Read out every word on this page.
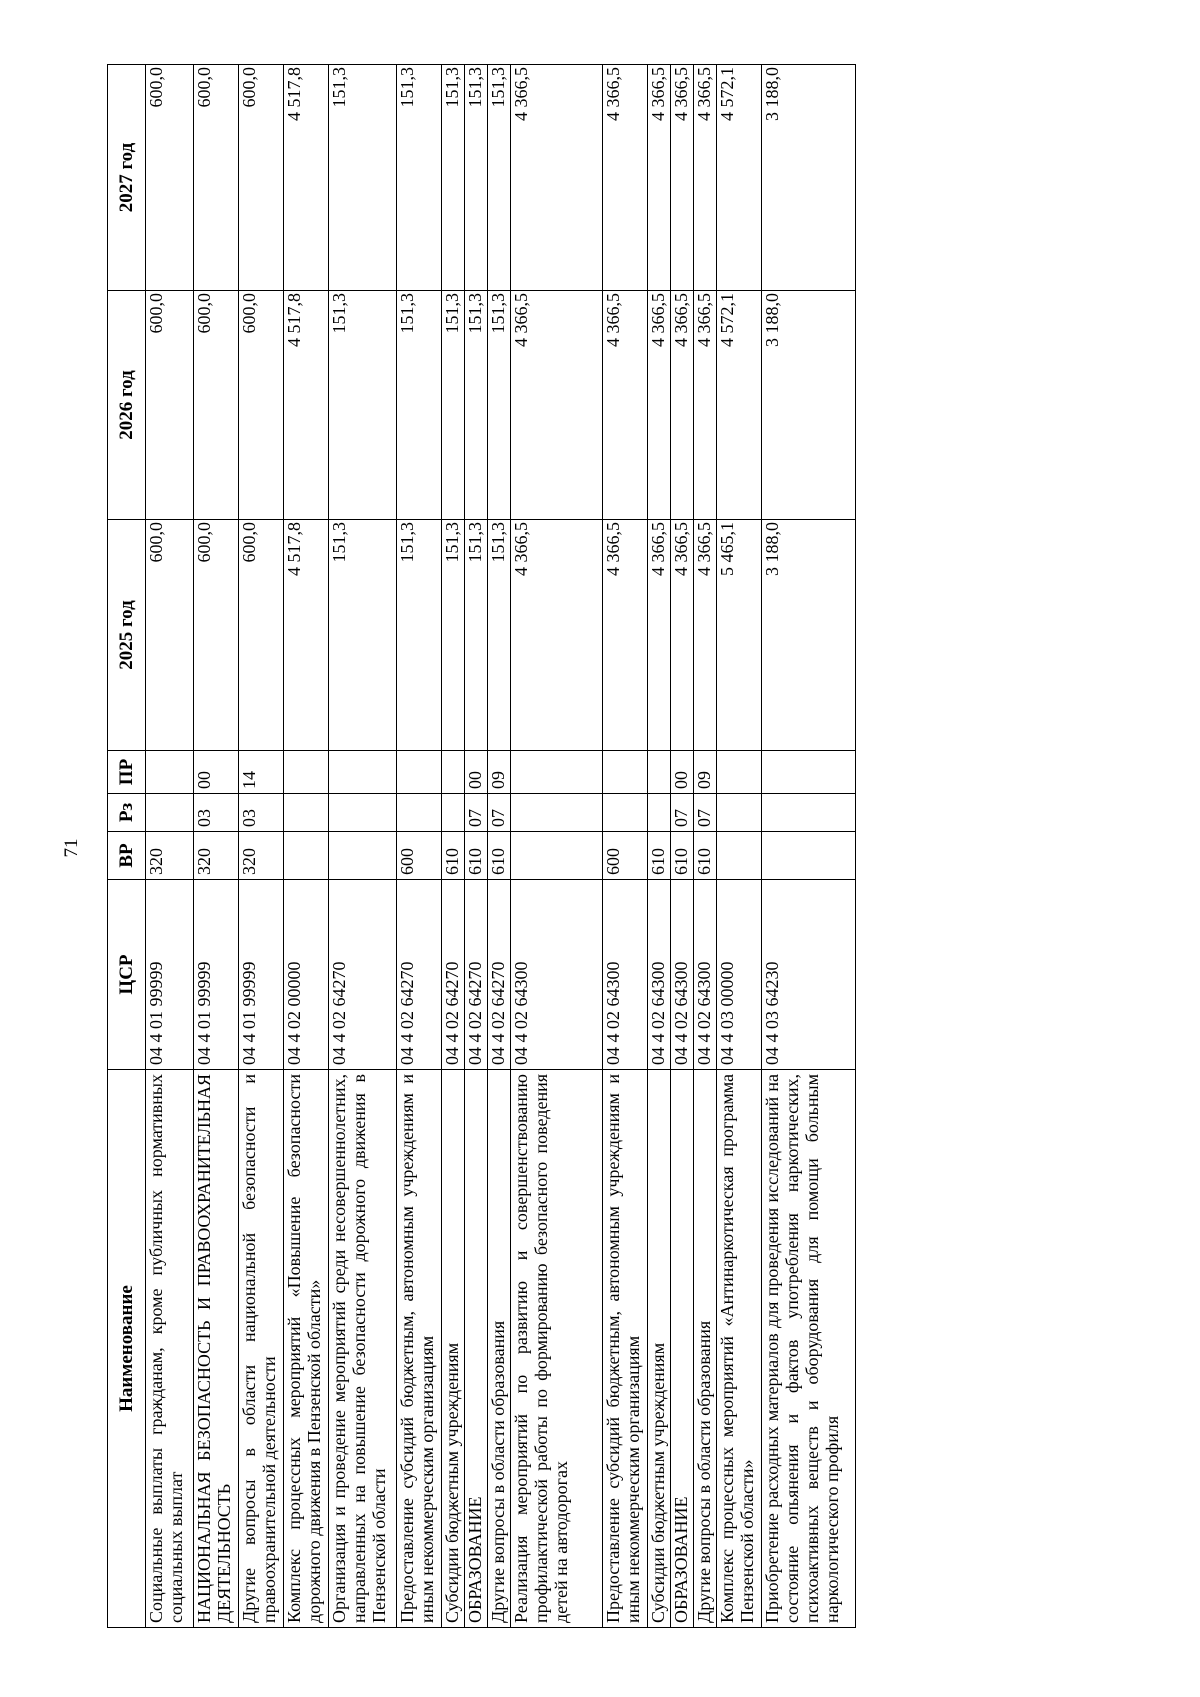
71
Наименование	ЦСР	ВР	Рз	ПР	2025 год	2026 год	2027 год
Социальные выплаты гражданам, кроме публичных нормативных социальных выплат	04 4 01 99999	320			600,0	600,0	600,0
НАЦИОНАЛЬНАЯ БЕЗОПАСНОСТЬ И ПРАВООХРАНИТЕЛЬНАЯ ДЕЯТЕЛЬНОСТЬ	04 4 01 99999	320	03	00	600,0	600,0	600,0
Другие вопросы в области национальной безопасности и правоохранительной деятельности	04 4 01 99999	320	03	14	600,0	600,0	600,0
Комплекс процессных мероприятий «Повышение безопасности дорожного движения в Пензенской области»	04 4 02 00000				4 517,8	4 517,8	4 517,8
Организация и проведение мероприятий среди несовершеннолетних, направленных на повышение безопасности дорожного движения в Пензенской области	04 4 02 64270				151,3	151,3	151,3
Предоставление субсидий бюджетным, автономным учреждениям и иным некоммерческим организациям	04 4 02 64270	600			151,3	151,3	151,3
Субсидии бюджетным учреждениям	04 4 02 64270	610			151,3	151,3	151,3
ОБРАЗОВАНИЕ	04 4 02 64270	610	07	00	151,3	151,3	151,3
Другие вопросы в области образования	04 4 02 64270	610	07	09	151,3	151,3	151,3
Реализация мероприятий по развитию и совершенствованию профилактической работы по формированию безопасного поведения детей на автодорогах	04 4 02 64300				4 366,5	4 366,5	4 366,5
Предоставление субсидий бюджетным, автономным учреждениям и иным некоммерческим организациям	04 4 02 64300	600			4 366,5	4 366,5	4 366,5
Субсидии бюджетным учреждениям	04 4 02 64300	610			4 366,5	4 366,5	4 366,5
ОБРАЗОВАНИЕ	04 4 02 64300	610	07	00	4 366,5	4 366,5	4 366,5
Другие вопросы в области образования	04 4 02 64300	610	07	09	4 366,5	4 366,5	4 366,5
Комплекс процессных мероприятий «Антинаркотическая программа Пензенской области»	04 4 03 00000				5 465,1	4 572,1	4 572,1
Приобретение расходных материалов для проведения исследований на состояние опьянения и фактов употребления наркотических, психоактивных веществ и оборудования для помощи больным наркологического профиля	04 4 03 64230				3 188,0	3 188,0	3 188,0
